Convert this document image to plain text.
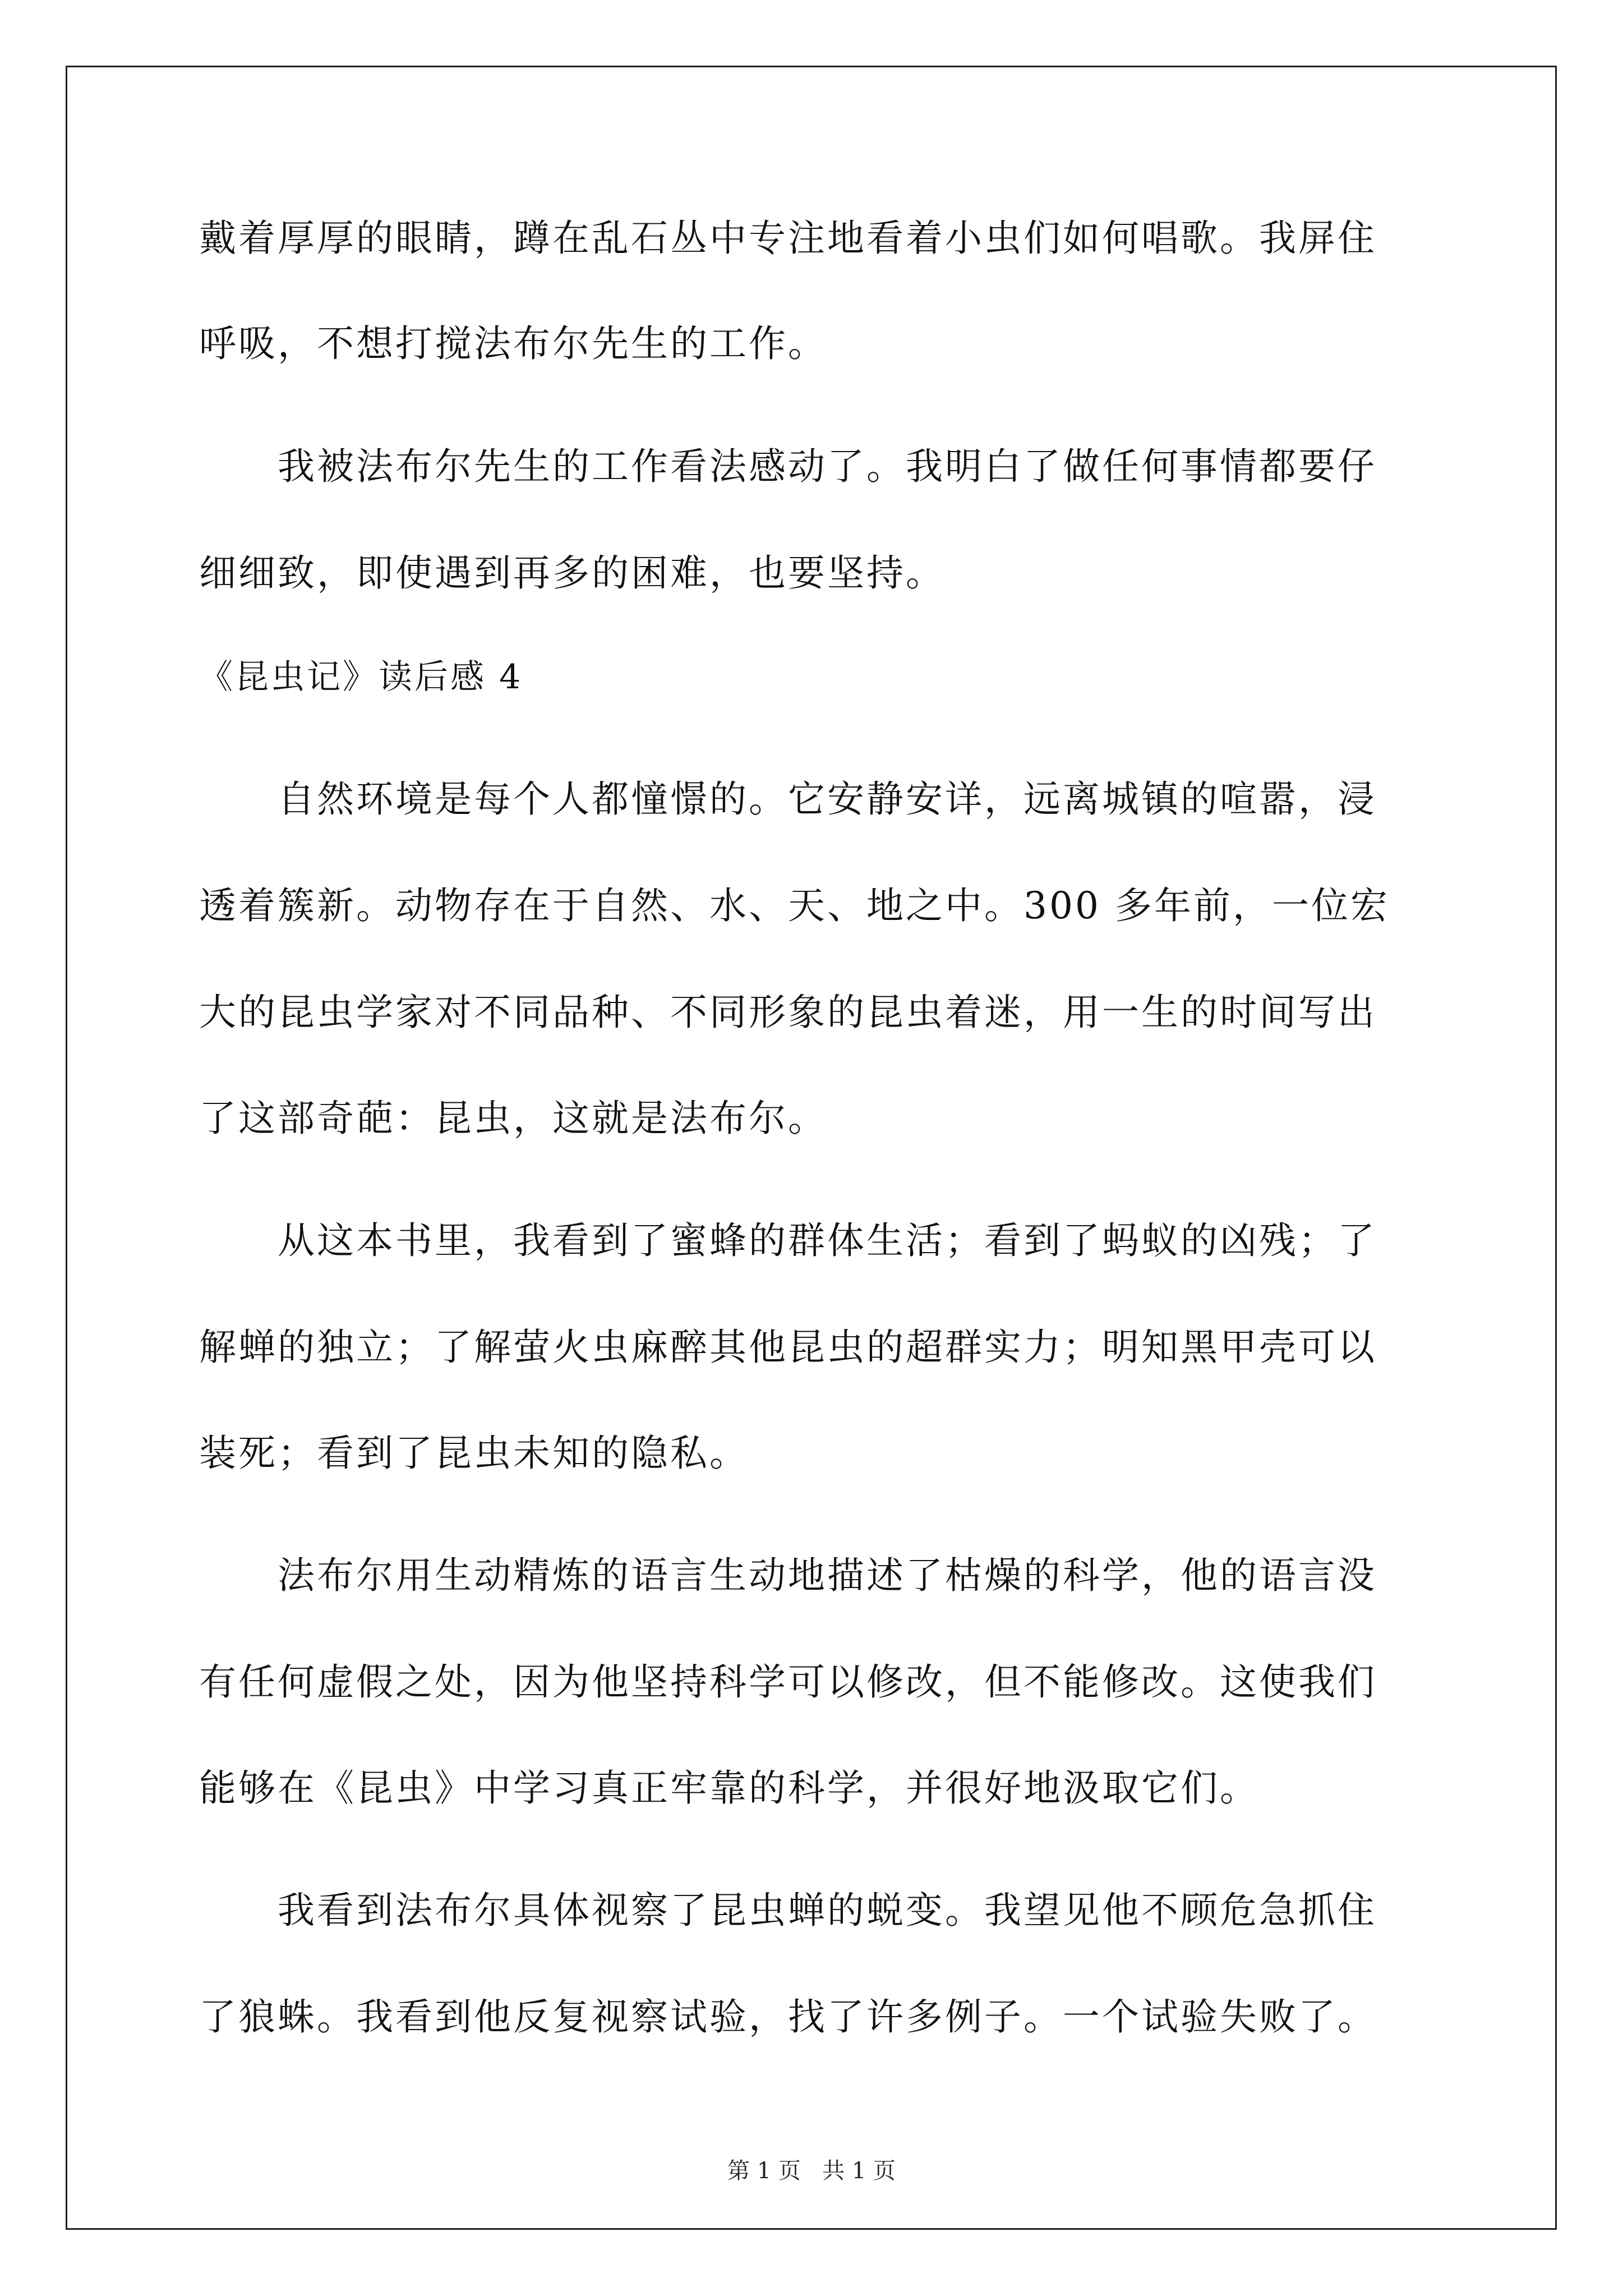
戴着厚厚的眼睛，蹲在乱石丛中专注地看着小虫们如何唱歌。我屏住
呼吸，不想打搅法布尔先生的工作。
我被法布尔先生的工作看法感动了。我明白了做任何事情都要仔
细细致，即使遇到再多的困难，也要坚持。
《昆虫记》读后感 4
自然环境是每个人都憧憬的。它安静安详，远离城镇的喧嚣，浸
透着簇新。动物存在于自然、水、天、地之中。300 多年前，一位宏
大的昆虫学家对不同品种、不同形象的昆虫着迷，用一生的时间写出
了这部奇葩：昆虫，这就是法布尔。
从这本书里，我看到了蜜蜂的群体生活；看到了蚂蚁的凶残；了
解蝉的独立；了解萤火虫麻醉其他昆虫的超群实力；明知黑甲壳可以
装死；看到了昆虫未知的隐私。
法布尔用生动精炼的语言生动地描述了枯燥的科学，他的语言没
有任何虚假之处，因为他坚持科学可以修改，但不能修改。这使我们
能够在《昆虫》中学习真正牢靠的科学，并很好地汲取它们。
我看到法布尔具体视察了昆虫蝉的蜕变。我望见他不顾危急抓住
了狼蛛。我看到他反复视察试验，找了许多例子。一个试验失败了。
第 1 页 共 1 页
